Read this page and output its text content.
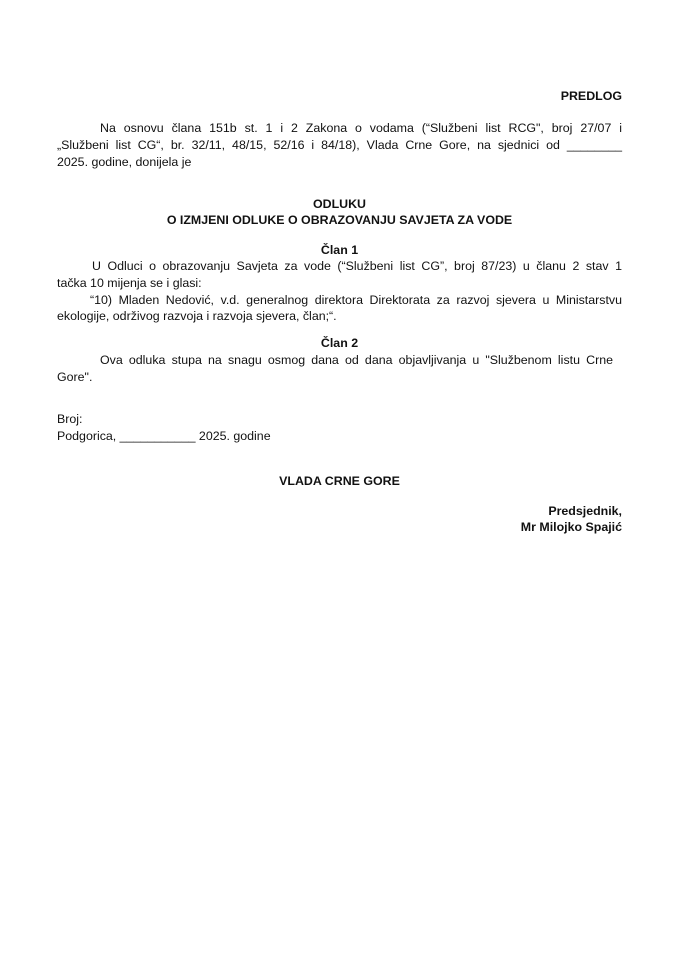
PREDLOG

Na osnovu člana 151b st. 1 i 2 Zakona o vodama (“Službeni list RCG", broj 27/07 i

„Službeni list CG“, br. 32/11, 48/15, 52/16 i 84/18), Vlada Crne Gore, na sjednici od ________

2025. godine, donijela je

ODLUKU

O IZMJENI ODLUKE O OBRAZOVANJU SAVJETA ZA VODE

Član 1

U Odluci o obrazovanju Savjeta za vode (“Službeni list CG”, broj 87/23) u članu 2 stav 1

tačka 10 mijenja se i glasi:

“10) Mladen Nedović, v.d. generalnog direktora Direktorata za razvoj sjevera u Ministarstvu

ekologije, održivog razvoja i razvoja sjevera, član;“.

Član 2

Ova odluka stupa na snagu osmog dana od dana objavljivanja u "Službenom listu Crne

Gore".

Broj:

Podgorica, ___________ 2025. godine

VLADA CRNE GORE

Predsjednik,

Mr Milojko Spajić
